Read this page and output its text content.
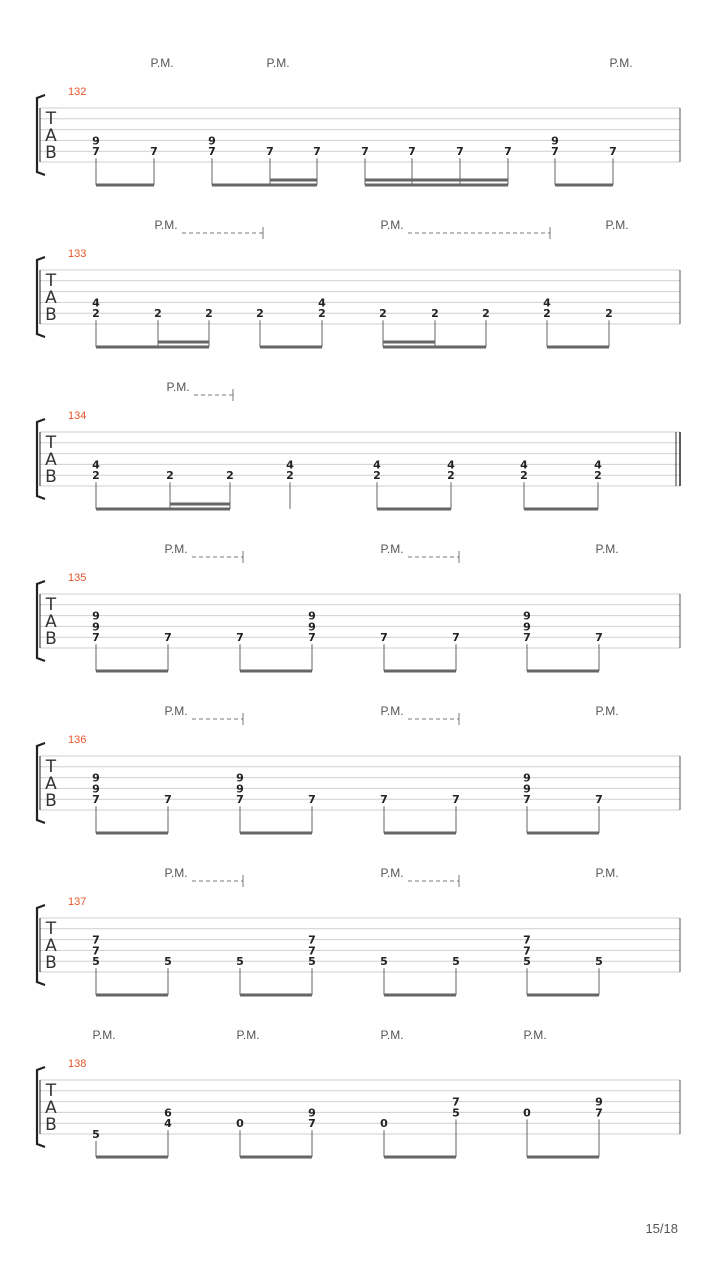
T
A
B
132
P.M.	P.M.	P.M.
9
7	7
9
7	7	7	7	7	7	7
9
7	7
T
A
B
133
P.M.	P.M.	P.M.
4
2	2	2	2
4
2	2	2	2
4
2	2
T
A
B
134
P.M.
4
2	2	2
4
2
4
2
4
2
4
2
4
2
T
A
B
135
P.M.	P.M.	P.M.
9
9
7	7	7
9
9
7	7	7
9
9
7	7
T
A
B
136
P.M.	P.M.	P.M.
9
9
7	7
9
9
7	7	7	7
9
9
7	7
T
A
B
137
P.M.	P.M.	P.M.
7
7
5	5	5
7
7
5	5	5
7
7
5	5
T
A
B
138
P.M.	P.M.	P.M.	P.M.
5
6
4	0
9
7	0
7
5	0
9
7
15/18
